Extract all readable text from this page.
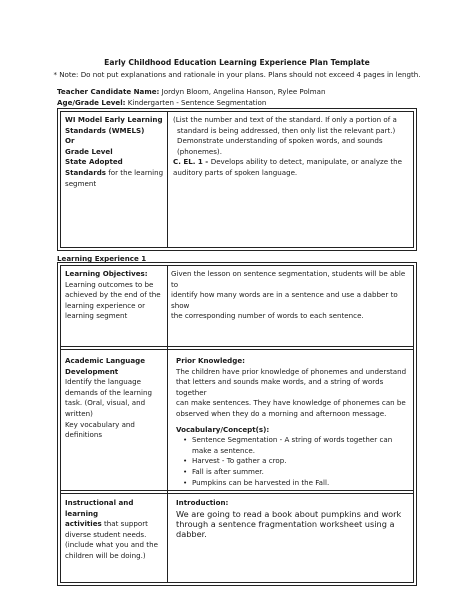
Early Childhood Education Learning Experience Plan Template
* Note: Do not put explanations and rationale in your plans. Plans should not exceed 4 pages in length.
Teacher Candidate Name: Jordyn Bloom, Angelina Hanson, Rylee Polman
Age/Grade Level: Kindergarten - Sentence Segmentation

WI Model Early Learning

Standards (WMELS)

Or

Grade Level

State Adopted Standards for the learning segment

(List the number and text of the standard. If only a portion of a

standard is being addressed, then only list the relevant part.)

Demonstrate understanding of spoken words, and sounds

(phonemes).

C. EL. 1 - Develops ability to detect, manipulate, or analyze the

auditory parts of spoken language.

Learning Experience 1

Learning Objectives:

Learning outcomes to be

achieved by the end of the

learning experience or

learning segment

Given the lesson on sentence segmentation, students will be able to

identify how many words are in a sentence and use a dabber to show

the corresponding number of words to each sentence.

Academic Language

Development

Identify the language

demands of the learning

task. (Oral, visual, and

written)

Key vocabulary and

definitions

Prior Knowledge:

The children have prior knowledge of phonemes and understand

that letters and sounds make words, and a string of words together

can make sentences. They have knowledge of phonemes can be

observed when they do a morning and afternoon message.

Vocabulary/Concept(s):

• Sentence Segmentation - A string of words together can
make a sentence.
• Harvest - To gather a crop.
• Fall is after summer.
• Pumpkins can be harvested in the Fall.

Instructional and learning

activities that support

diverse student needs.

(include what you and the

children will be doing.)

Introduction:

We are going to read a book about pumpkins and work

through a sentence fragmentation worksheet using a

dabber.
